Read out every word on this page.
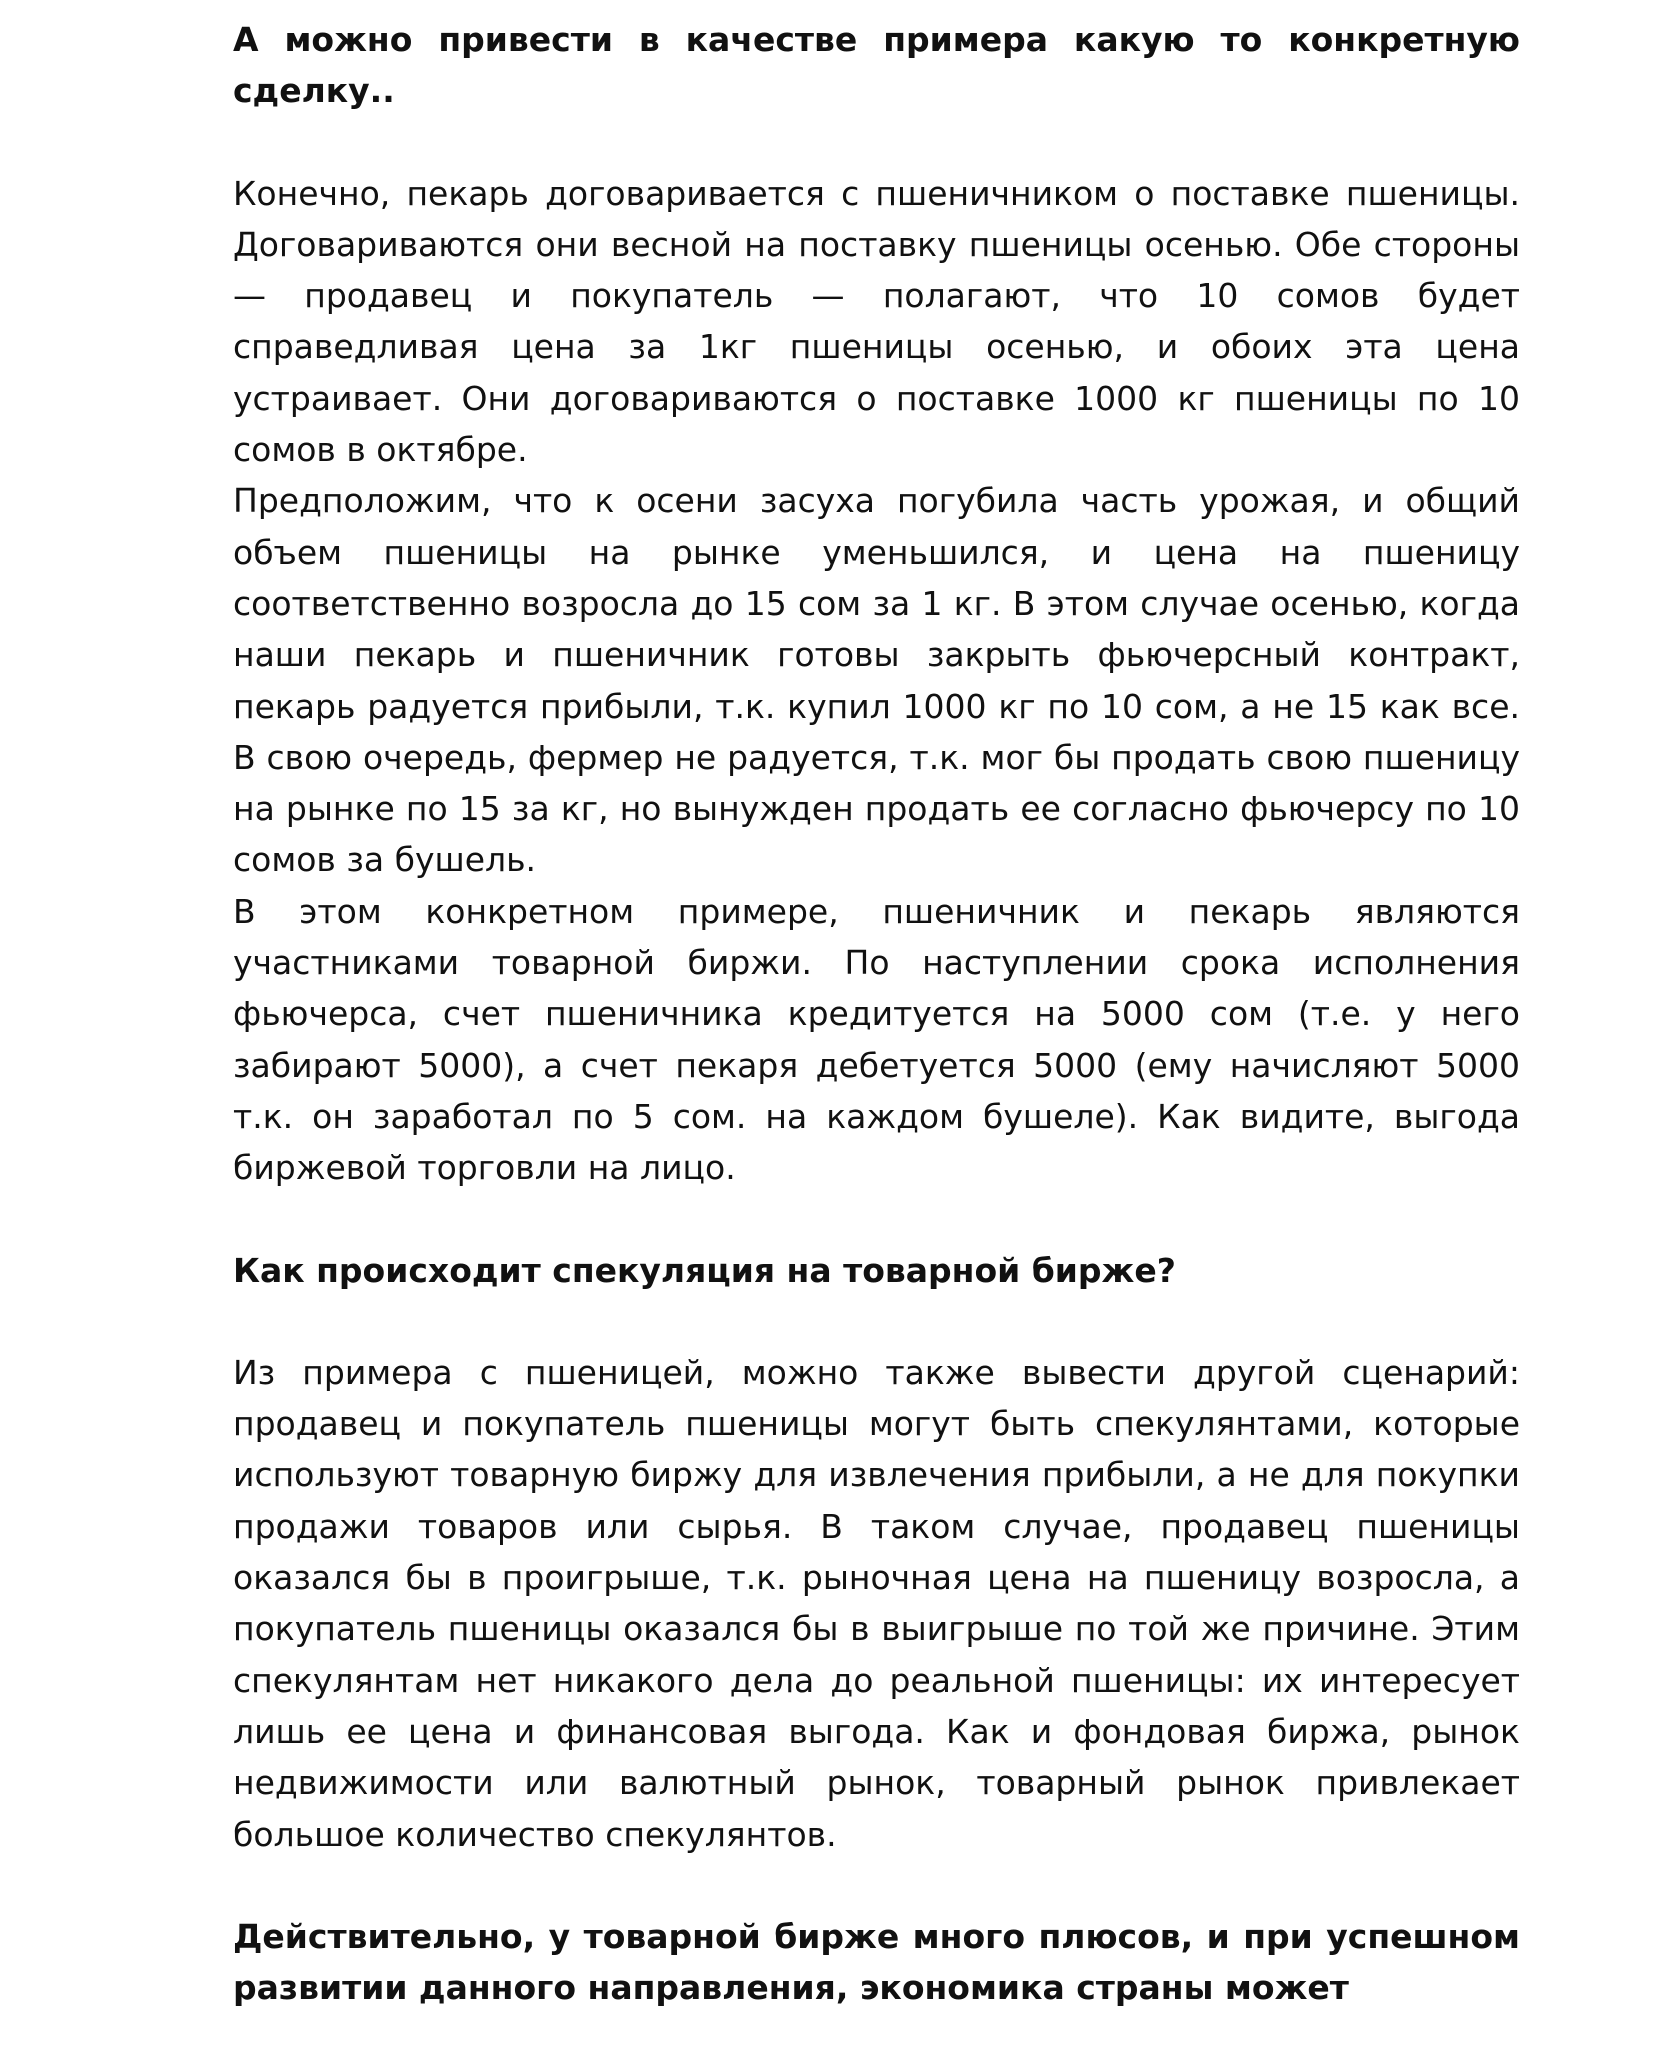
А можно привести в качестве примера какую то конкретную сделку..

Конечно, пекарь договаривается с пшеничником о поставке пшеницы. Договариваются они весной на поставку пшеницы осенью. Обе стороны — продавец и покупатель — полагают, что 10 сомов будет справедливая цена за 1кг пшеницы осенью, и обоих эта цена устраивает. Они договариваются о поставке 1000 кг пшеницы по 10 сомов в октябре.

Предположим, что к осени засуха погубила часть урожая, и общий объем пшеницы на рынке уменьшился, и цена на пшеницу соответственно возросла до 15 сом за 1 кг. В этом случае осенью, когда наши пекарь и пшеничник готовы закрыть фьючерсный контракт, пекарь радуется прибыли, т.к. купил 1000 кг по 10 сом, а не 15 как все. В свою очередь, фермер не радуется, т.к. мог бы продать свою пшеницу на рынке по 15 за кг, но вынужден продать ее согласно фьючерсу по 10 сомов за бушель.

В этом конкретном примере, пшеничник и пекарь являются участниками товарной биржи. По наступлении срока исполнения фьючерса, счет пшеничника кредитуется на 5000 сом (т.е. у него забирают 5000), а счет пекаря дебетуется 5000 (ему начисляют 5000 т.к. он заработал по 5 сом. на каждом бушеле). Как видите, выгода биржевой торговли на лицо.

Как происходит спекуляция на товарной бирже?

Из примера с пшеницей, можно также вывести другой сценарий: продавец и покупатель пшеницы могут быть спекулянтами, которые используют товарную биржу для извлечения прибыли, а не для покупки продажи товаров или сырья. В таком случае, продавец пшеницы оказался бы в проигрыше, т.к. рыночная цена на пшеницу возросла, а покупатель пшеницы оказался бы в выигрыше по той же причине. Этим спекулянтам нет никакого дела до реальной пшеницы: их интересует лишь ее цена и финансовая выгода. Как и фондовая биржа, рынок недвижимости или валютный рынок, товарный рынок привлекает большое количество спекулянтов.

Действительно, у товарной бирже много плюсов, и при успешном развитии данного направления, экономика страны может
